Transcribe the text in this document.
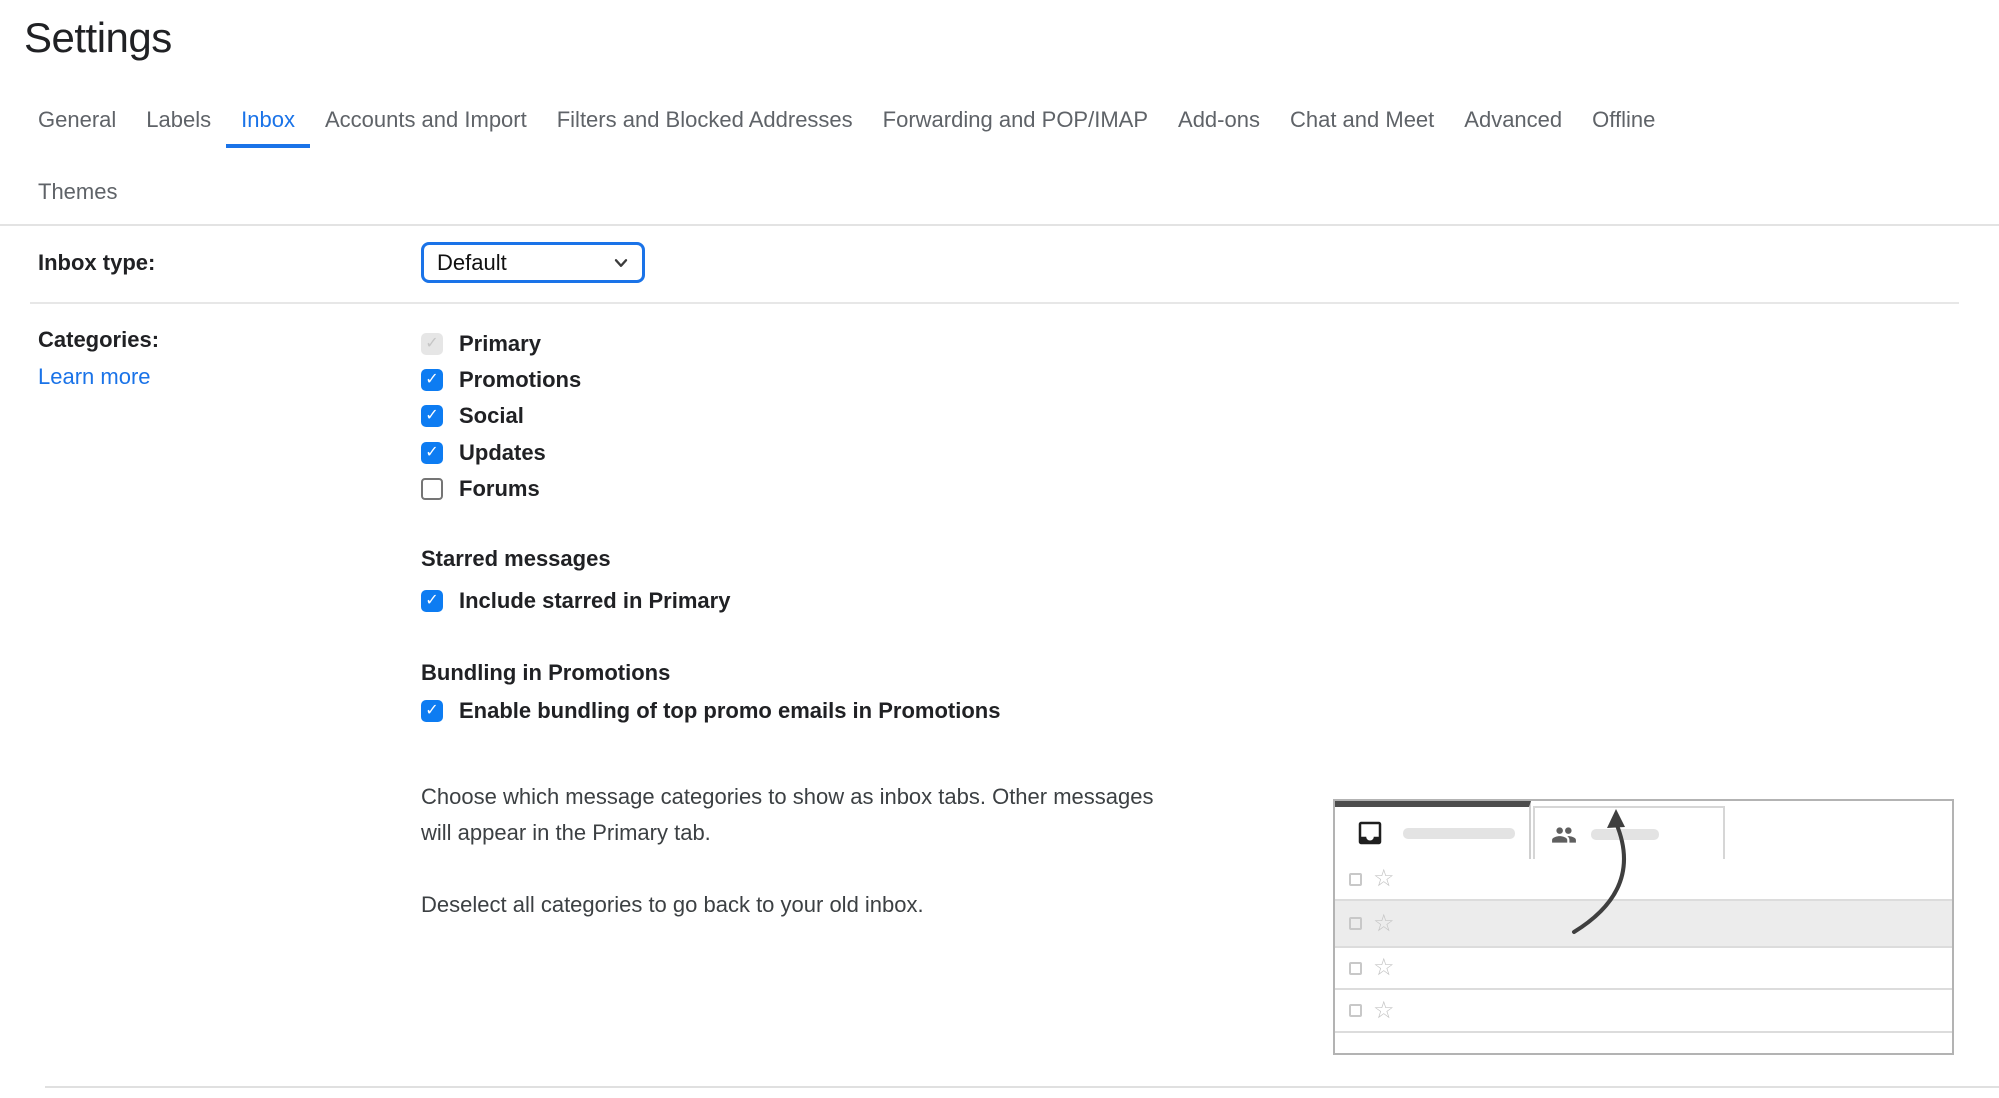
Settings
General	Labels	Inbox	Accounts and Import	Filters and Blocked Addresses	Forwarding and POP/IMAP	Add-ons	Chat and Meet	Advanced	Offline
Themes
Inbox type:	Default
Categories:
Learn more
✓ Primary
✓ Promotions
✓ Social
✓ Updates
Forums
Starred messages
✓ Include starred in Primary
Bundling in Promotions
✓ Enable bundling of top promo emails in Promotions
Choose which message categories to show as inbox tabs. Other messages
will appear in the Primary tab.
Deselect all categories to go back to your old inbox.
☆
☆
☆
☆
